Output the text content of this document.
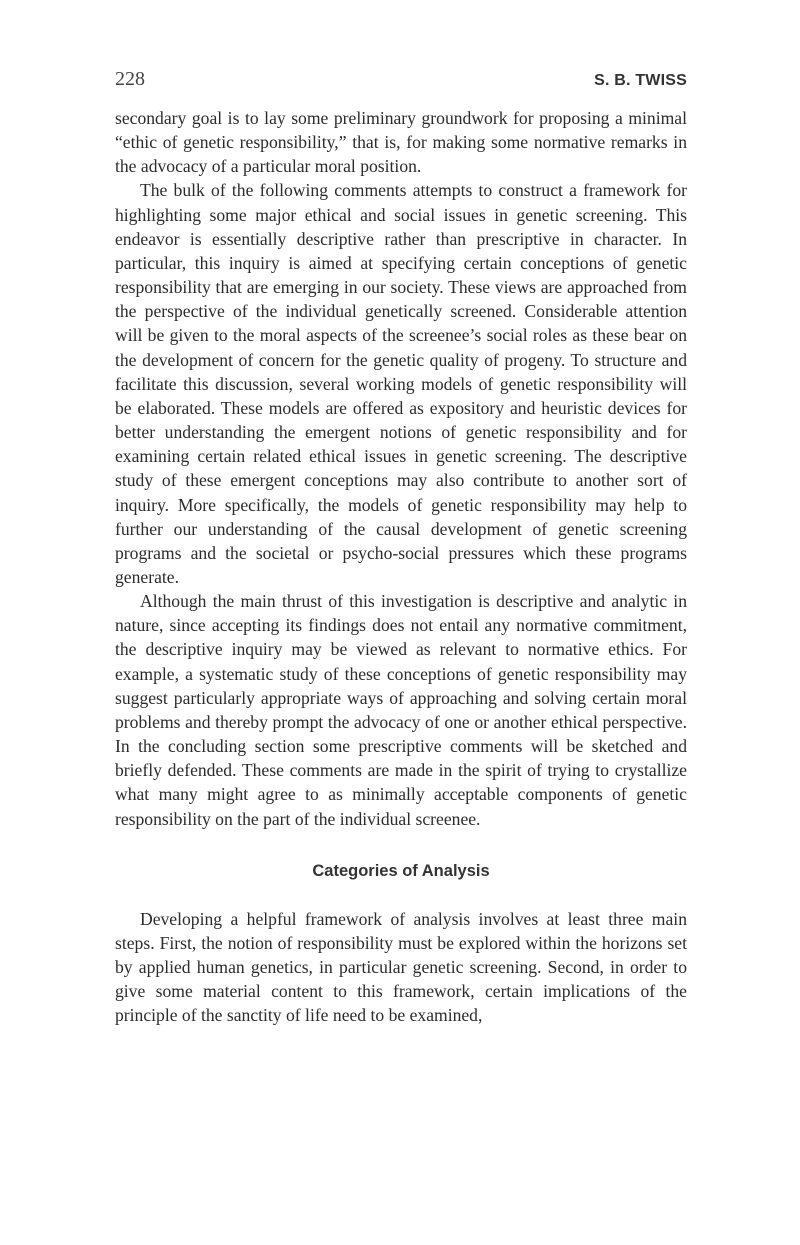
228	S. B. TWISS

secondary goal is to lay some preliminary groundwork for proposing a minimal “ethic of genetic responsibility,” that is, for making some normative remarks in the advocacy of a particular moral position.

The bulk of the following comments attempts to construct a framework for highlighting some major ethical and social issues in genetic screening. This endeavor is essentially descriptive rather than prescriptive in character. In particular, this inquiry is aimed at specifying certain conceptions of genetic responsibility that are emerging in our society. These views are approached from the perspective of the individual genetically screened. Considerable attention will be given to the moral aspects of the screenee’s social roles as these bear on the development of concern for the genetic quality of progeny. To structure and facilitate this discussion, several working models of genetic responsibility will be elaborated. These models are offered as expository and heuristic devices for better understanding the emergent notions of genetic responsibility and for examining certain related ethical issues in genetic screening. The descriptive study of these emergent conceptions may also contribute to another sort of inquiry. More specifically, the models of genetic responsibility may help to further our understanding of the causal development of genetic screening programs and the societal or psycho-social pressures which these programs generate.

Although the main thrust of this investigation is descriptive and analytic in nature, since accepting its findings does not entail any normative commitment, the descriptive inquiry may be viewed as relevant to normative ethics. For example, a systematic study of these conceptions of genetic responsibility may suggest particularly appropriate ways of approaching and solving certain moral problems and thereby prompt the advocacy of one or another ethical perspective. In the concluding section some prescriptive comments will be sketched and briefly defended. These comments are made in the spirit of trying to crystallize what many might agree to as minimally acceptable components of genetic responsibility on the part of the individual screenee.

Categories of Analysis

Developing a helpful framework of analysis involves at least three main steps. First, the notion of responsibility must be explored within the horizons set by applied human genetics, in particular genetic screening. Second, in order to give some material content to this framework, certain implications of the principle of the sanctity of life need to be examined,
